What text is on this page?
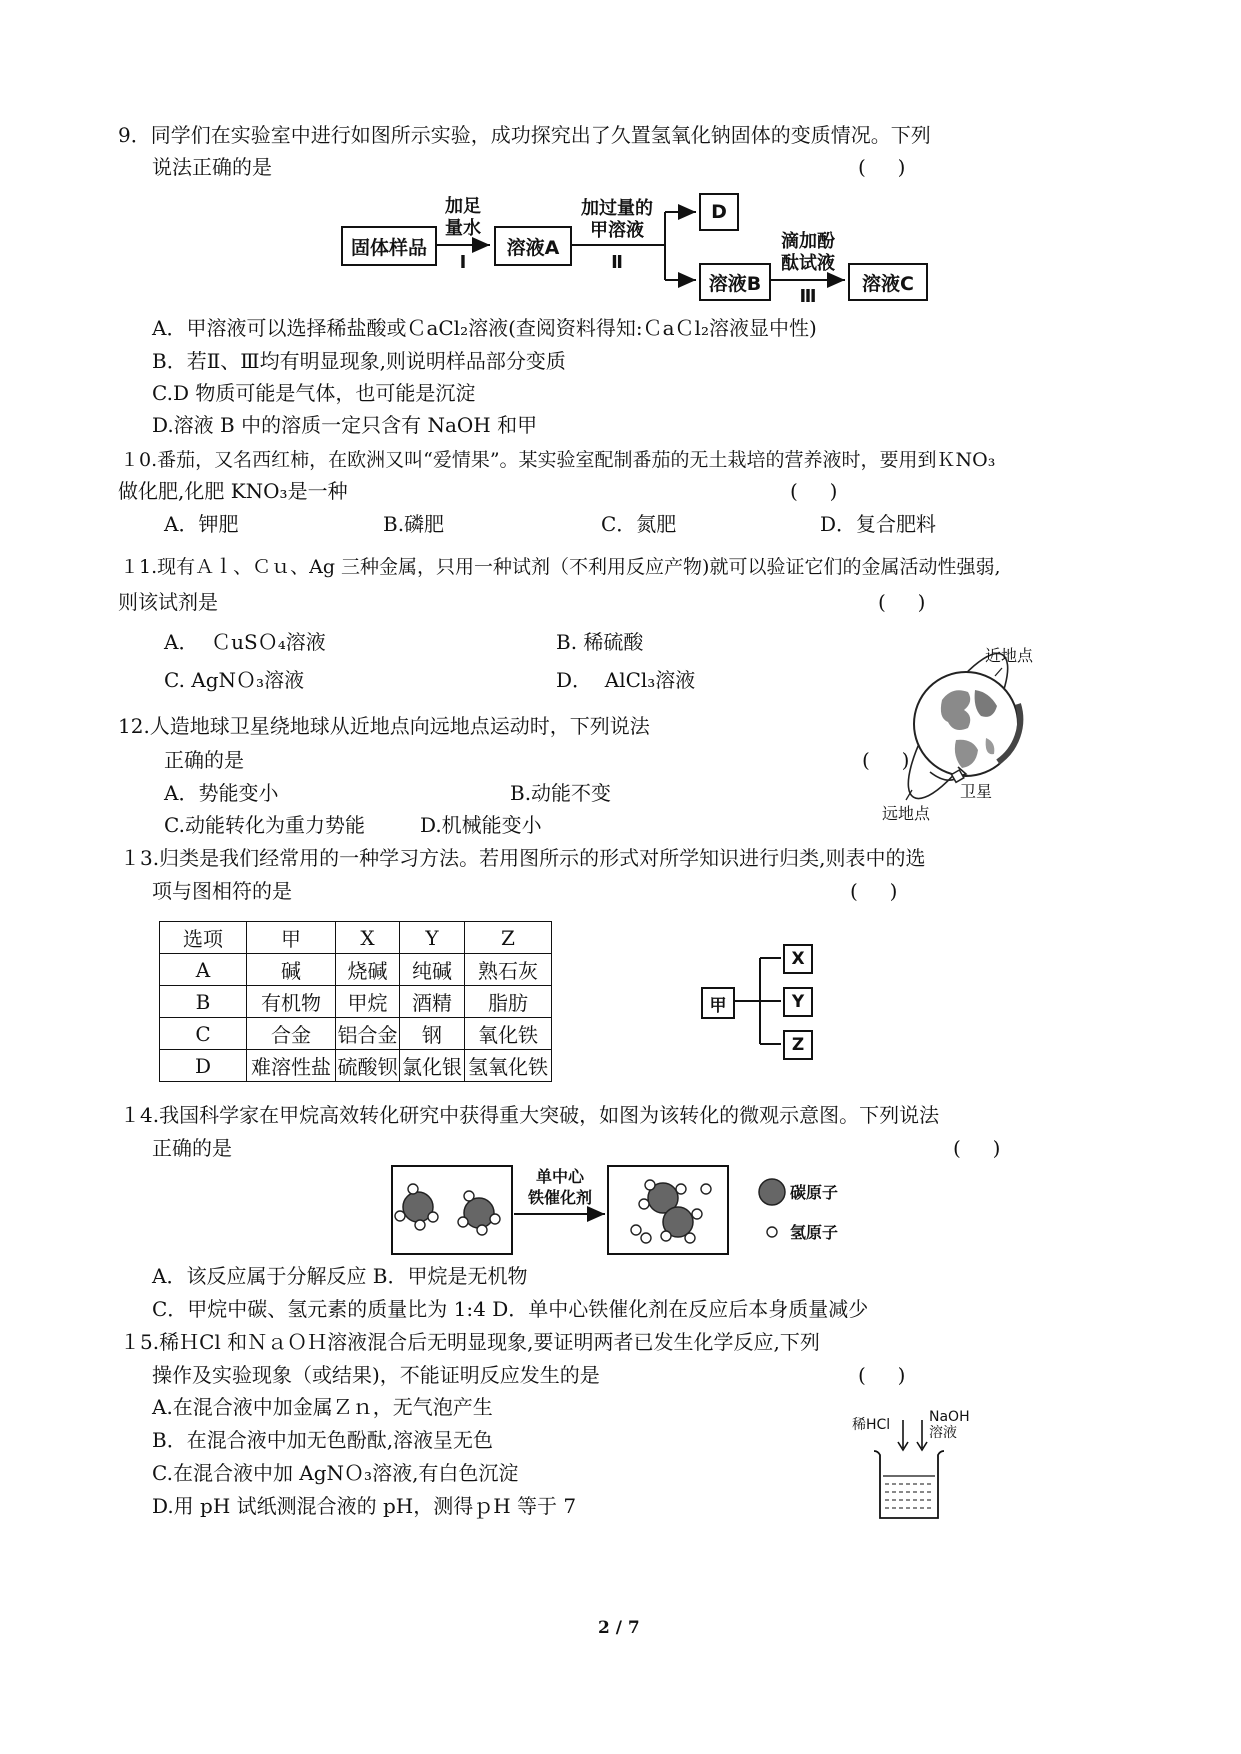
9．同学们在实验室中进行如图所示实验，成功探究出了久置氢氧化钠固体的变质情况。下列
说法正确的是	(     )
固体样品
加足
量水
Ⅰ
溶液A
加过量的
甲溶液
Ⅱ
D
溶液B
滴加酚
酞试液
Ⅲ
溶液C
A．甲溶液可以选择稀盐酸或ＣaCl₂溶液(查阅资料得知:ＣaＣl₂溶液显中性)
B．若Ⅱ、Ⅲ均有明显现象,则说明样品部分变质
C.D 物质可能是气体，也可能是沉淀
D.溶液 B 中的溶质一定只含有 NaOH 和甲
１0.番茄，又名西红柿，在欧洲又叫“爱情果”。某实验室配制番茄的无土栽培的营养液时，要用到ＫNO₃
做化肥,化肥 KNO₃是一种	(     )
A．钾肥	B.磷肥	C．氮肥	D．复合肥料
１1.现有Ａｌ、Ｃｕ、Ag 三种金属，只用一种试剂（不利用反应产物)就可以验证它们的金属活动性强弱,
则该试剂是	(     )
A．  ＣuSＯ₄溶液	B. 稀硫酸
C. AgNＯ₃溶液	D．  AlCl₃溶液
12.人造地球卫星绕地球从近地点向远地点运动时，下列说法
正确的是	(     )
A．势能变小	B.动能不变
C.动能转化为重力势能	D.机械能变小
近地点
卫星
远地点
１3.归类是我们经常用的一种学习方法。若用图所示的形式对所学知识进行归类,则表中的选
项与图相符的是	(     )
选项	甲	X	Y	Z
A	碱	烧碱	纯碱	熟石灰
B	有机物	甲烷	酒精	脂肪
C	合金	铝合金	钢	氧化铁
D	难溶性盐	硫酸钡	氯化银	氢氧化铁
甲
X
Y
Z
１4.我国科学家在甲烷高效转化研究中获得重大突破，如图为该转化的微观示意图。下列说法
正确的是	(     )
单中心
铁催化剂	碳原子
氢原子
A．该反应属于分解反应 B．甲烷是无机物
C．甲烷中碳、氢元素的质量比为 1:4 D．单中心铁催化剂在反应后本身质量减少
１5.稀ＨCl 和ＮａＯＨ溶液混合后无明显现象,要证明两者已发生化学反应,下列
操作及实验现象（或结果)，不能证明反应发生的是	(     )
A.在混合液中加金属Ｚｎ，无气泡产生
B．在混合液中加无色酚酞,溶液呈无色
C.在混合液中加 AgNＯ₃溶液,有白色沉淀
D.用 pH 试纸测混合液的 pH，测得ｐH 等于 7
稀HCl	NaOH
溶液
2 / 7
